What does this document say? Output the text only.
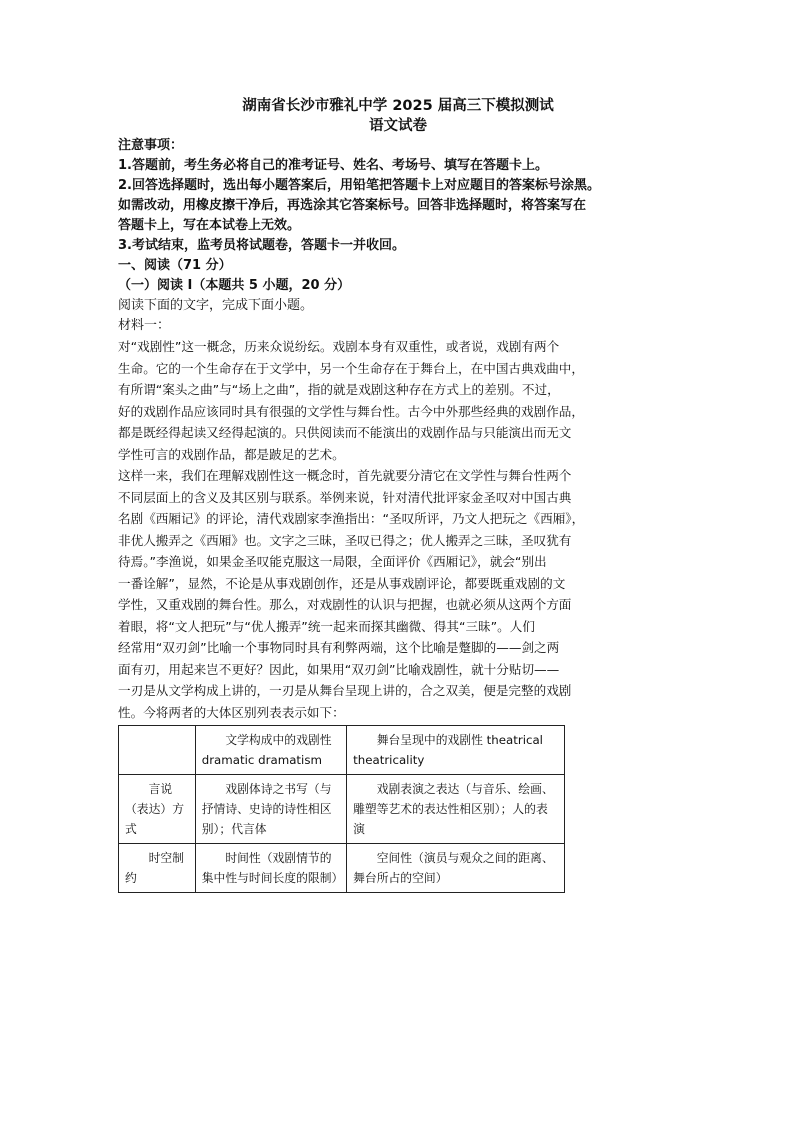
湖南省长沙市雅礼中学 2025 届高三下模拟测试
语文试卷
注意事项：
1.答题前，考生务必将自己的准考证号、姓名、考场号、填写在答题卡上。
2.回答选择题时，选出每小题答案后，用铅笔把答题卡上对应题目的答案标号涂黑。
如需改动，用橡皮擦干净后，再选涂其它答案标号。回答非选择题时，将答案写在
答题卡上，写在本试卷上无效。
3.考试结束，监考员将试题卷，答题卡一并收回。
一、阅读（71 分）
（一）阅读 I（本题共 5 小题，20 分）
阅读下面的文字，完成下面小题。
材料一：
对“戏剧性”这一概念，历来众说纷纭。戏剧本身有双重性，或者说，戏剧有两个
生命。它的一个生命存在于文学中，另一个生命存在于舞台上，在中国古典戏曲中，
有所谓“案头之曲”与“场上之曲”，指的就是戏剧这种存在方式上的差别。不过，
好的戏剧作品应该同时具有很强的文学性与舞台性。古今中外那些经典的戏剧作品，
都是既经得起读又经得起演的。只供阅读而不能演出的戏剧作品与只能演出而无文
学性可言的戏剧作品，都是跛足的艺术。
这样一来，我们在理解戏剧性这一概念时，首先就要分清它在文学性与舞台性两个
不同层面上的含义及其区别与联系。举例来说，针对清代批评家金圣叹对中国古典
名剧《西厢记》的评论，清代戏剧家李渔指出：“圣叹所评，乃文人把玩之《西厢》，
非优人搬弄之《西厢》也。文字之三昧，圣叹已得之；优人搬弄之三昧，圣叹犹有
待焉。”李渔说，如果金圣叹能克服这一局限，全面评价《西厢记》，就会“别出
一番诠解”，显然，不论是从事戏剧创作，还是从事戏剧评论，都要既重戏剧的文
学性，又重戏剧的舞台性。那么，对戏剧性的认识与把握，也就必须从这两个方面
着眼，将“文人把玩”与“优人搬弄”统一起来而探其幽微、得其“三昧”。人们
经常用“双刃剑”比喻一个事物同时具有利弊两端，这个比喻是蹩脚的——剑之两
面有刃，用起来岂不更好？因此，如果用“双刃剑”比喻戏剧性，就十分贴切——
一刃是从文学构成上讲的，一刃是从舞台呈现上讲的，合之双美，便是完整的戏剧
性。今将两者的大体区别列表表示如下：
	文学构成中的戏剧性 dramatic dramatism	舞台呈现中的戏剧性 theatrical theatricality
言说（表达）方式	戏剧体诗之书写（与抒情诗、史诗的诗性相区别）；代言体	戏剧表演之表达（与音乐、绘画、雕塑等艺术的表达性相区别）；人的表演
时空制约	时间性（戏剧情节的集中性与时间长度的限制）	空间性（演员与观众之间的距离、舞台所占的空间）
